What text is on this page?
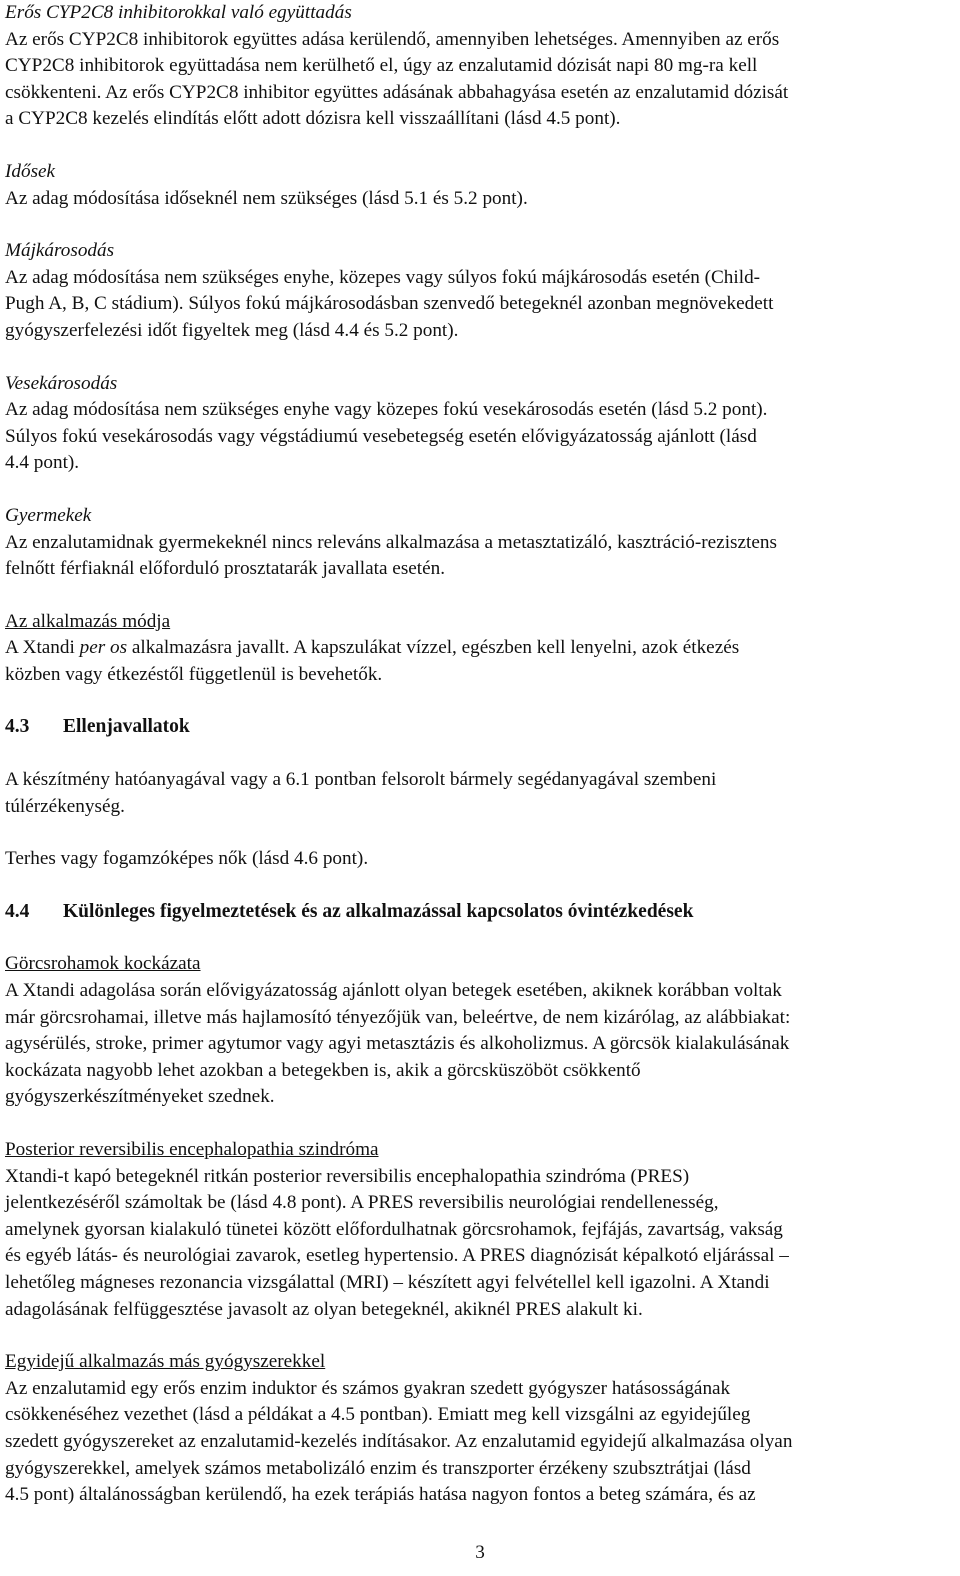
Erős CYP2C8 inhibitorokkal való együttadás
Az erős CYP2C8 inhibitorok együttes adása kerülendő, amennyiben lehetséges. Amennyiben az erős
CYP2C8 inhibitorok együttadása nem kerülhető el, úgy az enzalutamid dózisát napi 80 mg-ra kell
csökkenteni. Az erős CYP2C8 inhibitor együttes adásának abbahagyása esetén az enzalutamid dózisát
a CYP2C8 kezelés elindítás előtt adott dózisra kell visszaállítani (lásd 4.5 pont).
Idősek
Az adag módosítása időseknél nem szükséges (lásd 5.1 és 5.2 pont).
Májkárosodás
Az adag módosítása nem szükséges enyhe, közepes vagy súlyos fokú májkárosodás esetén (Child-
Pugh A, B, C stádium). Súlyos fokú májkárosodásban szenvedő betegeknél azonban megnövekedett
gyógyszerfelezési időt figyeltek meg (lásd 4.4 és 5.2 pont).
Vesekárosodás
Az adag módosítása nem szükséges enyhe vagy közepes fokú vesekárosodás esetén (lásd 5.2 pont).
Súlyos fokú vesekárosodás vagy végstádiumú vesebetegség esetén elővigyázatosság ajánlott (lásd
4.4 pont).
Gyermekek
Az enzalutamidnak gyermekeknél nincs releváns alkalmazása a metasztatizáló, kasztráció-rezisztens
felnőtt férfiaknál előforduló prosztatarák javallata esetén.
Az alkalmazás módja
A Xtandi per os alkalmazásra javallt. A kapszulákat vízzel, egészben kell lenyelni, azok étkezés
közben vagy étkezéstől függetlenül is bevehetők.
4.3 Ellenjavallatok
A készítmény hatóanyagával vagy a 6.1 pontban felsorolt bármely segédanyagával szembeni
túlérzékenység.
Terhes vagy fogamzóképes nők (lásd 4.6 pont).
4.4 Különleges figyelmeztetések és az alkalmazással kapcsolatos óvintézkedések
Görcsrohamok kockázata
A Xtandi adagolása során elővigyázatosság ajánlott olyan betegek esetében, akiknek korábban voltak
már görcsrohamai, illetve más hajlamosító tényezőjük van, beleértve, de nem kizárólag, az alábbiakat:
agysérülés, stroke, primer agytumor vagy agyi metasztázis és alkoholizmus. A görcsök kialakulásának
kockázata nagyobb lehet azokban a betegekben is, akik a görcsküszöböt csökkentő
gyógyszerkészítményeket szednek.
Posterior reversibilis encephalopathia szindróma
Xtandi-t kapó betegeknél ritkán posterior reversibilis encephalopathia szindróma (PRES)
jelentkezéséről számoltak be (lásd 4.8 pont). A PRES reversibilis neurológiai rendellenesség,
amelynek gyorsan kialakuló tünetei között előfordulhatnak görcsrohamok, fejfájás, zavartság, vakság
és egyéb látás- és neurológiai zavarok, esetleg hypertensio. A PRES diagnózisát képalkotó eljárással –
lehetőleg mágneses rezonancia vizsgálattal (MRI) – készített agyi felvétellel kell igazolni. A Xtandi
adagolásának felfüggesztése javasolt az olyan betegeknél, akiknél PRES alakult ki.
Egyidejű alkalmazás más gyógyszerekkel
Az enzalutamid egy erős enzim induktor és számos gyakran szedett gyógyszer hatásosságának
csökkenéséhez vezethet (lásd a példákat a 4.5 pontban). Emiatt meg kell vizsgálni az egyidejűleg
szedett gyógyszereket az enzalutamid-kezelés indításakor. Az enzalutamid egyidejű alkalmazása olyan
gyógyszerekkel, amelyek számos metabolizáló enzim és transzporter érzékeny szubsztrátjai (lásd
4.5 pont) általánosságban kerülendő, ha ezek terápiás hatása nagyon fontos a beteg számára, és az
3
